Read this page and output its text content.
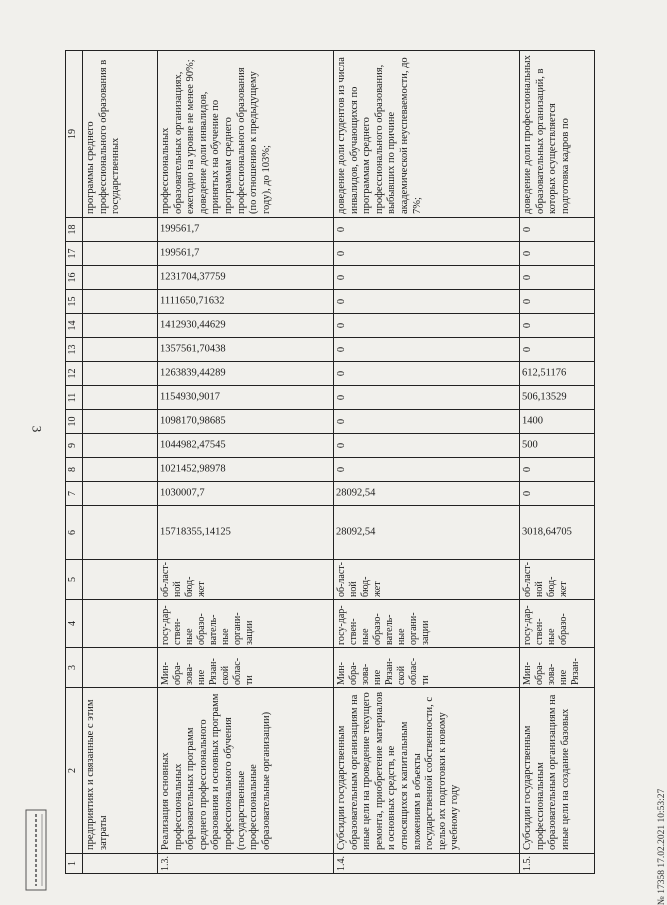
3
1
2
3
4
5
6
7
8
9
10
11
12
13
14
15
16
17
18
19
предприятиях и связанные с этим затраты
программы среднего профессионального образования в государственных
1.3.
Реализация основных профессиональных образовательных программ среднего профессионального образования и основных программ профессионального обучения (государственные профессиональные образовательные организации)
Мин-обра-зова-ние Рязан-ской облас-ти
госу-дар-ствен-ные образо-ватель-ные органи-зации
об-ласт-ной бюд-жет
15718355,14125
1030007,7
1021452,98978
1044982,47545
1098170,98685
1154930,9017
1263839,44289
1357561,70438
1412930,44629
1111650,71632
1231704,37759
199561,7
199561,7
профессиональных образовательных организациях, ежегодно на уровне не менее 90%; доведение доли инвалидов, принятых на обучение по программам среднего профессионального образования (по отношению к предыдущему году), до 103%;
1.4.
Субсидии государственным образовательным организациям на иные цели на проведение текущего ремонта, приобретение материалов и основных средств, не относящихся к капитальным вложениям в объекты государственной собственности, с целью их подготовки к новому учебному году
Мин-обра-зова-ние Рязан-ской облас-ти
госу-дар-ствен-ные образо-ватель-ные органи-зации
об-ласт-ной бюд-жет
28092,54
28092,54
0
0
0
0
0
0
0
0
0
0
0
доведение доли студентов из числа инвалидов, обучающихся по программам среднего профессионального образования, выбывших по причине академической неуспеваемости, до 7%;
1.5.
Субсидии государственным профессиональным образовательным организациям на иные цели на создание базовых
Мин-обра-зова-ние Рязан-
госу-дар-ствен-ные образо-
об-ласт-ной бюд-жет
3018,64705
0
0
500
1400
506,13529
612,51176
0
0
0
0
0
0
доведение доли профессиональных образовательных организаций, в которых осуществляется подготовка кадров по
№ 17358 17.02.2021 10:53:27
